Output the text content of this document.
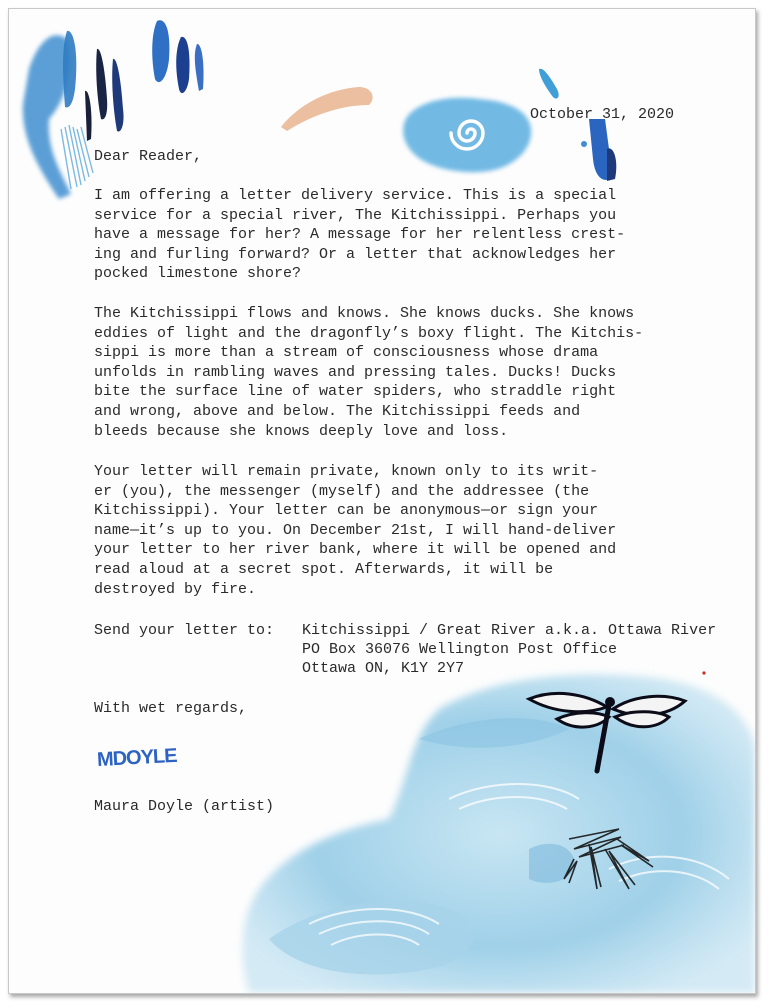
October 31, 2020
Dear Reader,
I am offering a letter delivery service. This is a special
service for a special river, The Kitchissippi. Perhaps you
have a message for her? A message for her relentless crest-
ing and furling forward? Or a letter that acknowledges her
pocked limestone shore?
The Kitchissippi flows and knows. She knows ducks. She knows
eddies of light and the dragonfly’s boxy flight. The Kitchis-
sippi is more than a stream of consciousness whose drama
unfolds in rambling waves and pressing tales. Ducks! Ducks
bite the surface line of water spiders, who straddle right
and wrong, above and below. The Kitchissippi feeds and
bleeds because she knows deeply love and loss.
Your letter will remain private, known only to its writ-
er (you), the messenger (myself) and the addressee (the
Kitchissippi). Your letter can be anonymous—or sign your
name—it’s up to you. On December 21st, I will hand-deliver
your letter to her river bank, where it will be opened and
read aloud at a secret spot. Afterwards, it will be
destroyed by fire.
Send your letter to: Kitchissippi / Great River a.k.a. Ottawa River
PO Box 36076 Wellington Post Office
Ottawa ON, K1Y 2Y7
With wet regards,
MDOYLE
Maura Doyle (artist)
